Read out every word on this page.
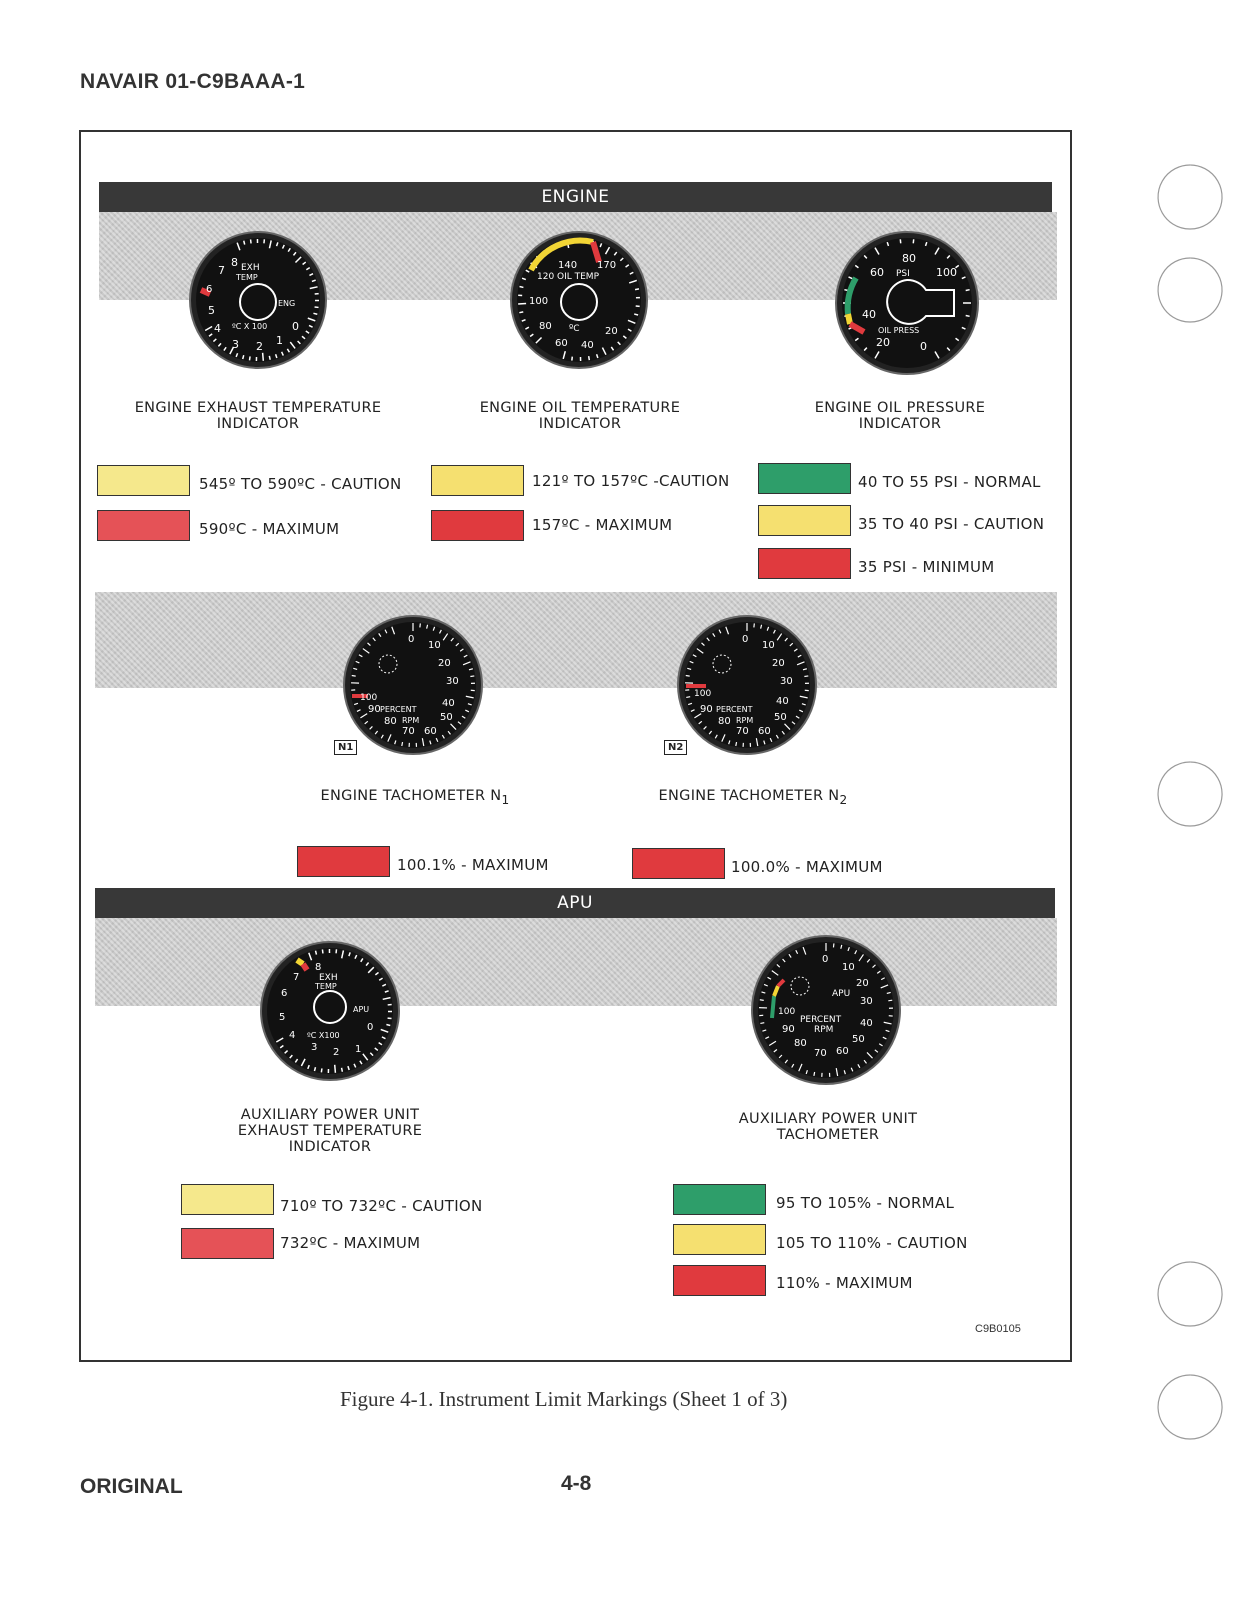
NAVAIR 01-C9BAAA-1
ENGINE
8
7
6
5
4
3 2 1
0
EXH
TEMP
ENG
ºC X 100
140 170
120 OIL TEMP
100
80 ºC	20
60 40
80
60 PSI 100
40
OIL PRESS
20	0
ENGINE EXHAUST TEMPERATURE
INDICATOR
ENGINE OIL TEMPERATURE
INDICATOR
ENGINE OIL PRESSURE
INDICATOR
545º TO 590ºC - CAUTION
590ºC - MAXIMUM
121º TO 157ºC -CAUTION
157ºC - MAXIMUM
40 TO 55 PSI - NORMAL
35 TO 40 PSI - CAUTION
35 PSI - MINIMUM
0
10
20
30
40
50
60
70
80
90
100
PERCENT
RPM
N1
0
10
20
30
40
50
60
70
80
90
100
PERCENT
RPM
N2
ENGINE TACHOMETER $N_1$	ENGINE TACHOMETER $N_2$
100.1% - MAXIMUM	100.0% - MAXIMUM
APU
8
7
6
5
4
3 2 1
0
EXH
TEMP
APU
ºC X100
0
10
20
30
40
50
60
70
80
90
100
APU
PERCENT
RPM
AUXILIARY POWER UNIT
EXHAUST TEMPERATURE
INDICATOR
AUXILIARY POWER UNIT
TACHOMETER
710º TO 732ºC - CAUTION
732ºC - MAXIMUM
95 TO 105% - NORMAL
105 TO 110% - CAUTION
110% - MAXIMUM
C9B0105
Figure 4-1. Instrument Limit Markings (Sheet 1 of 3)
ORIGINAL	4-8
